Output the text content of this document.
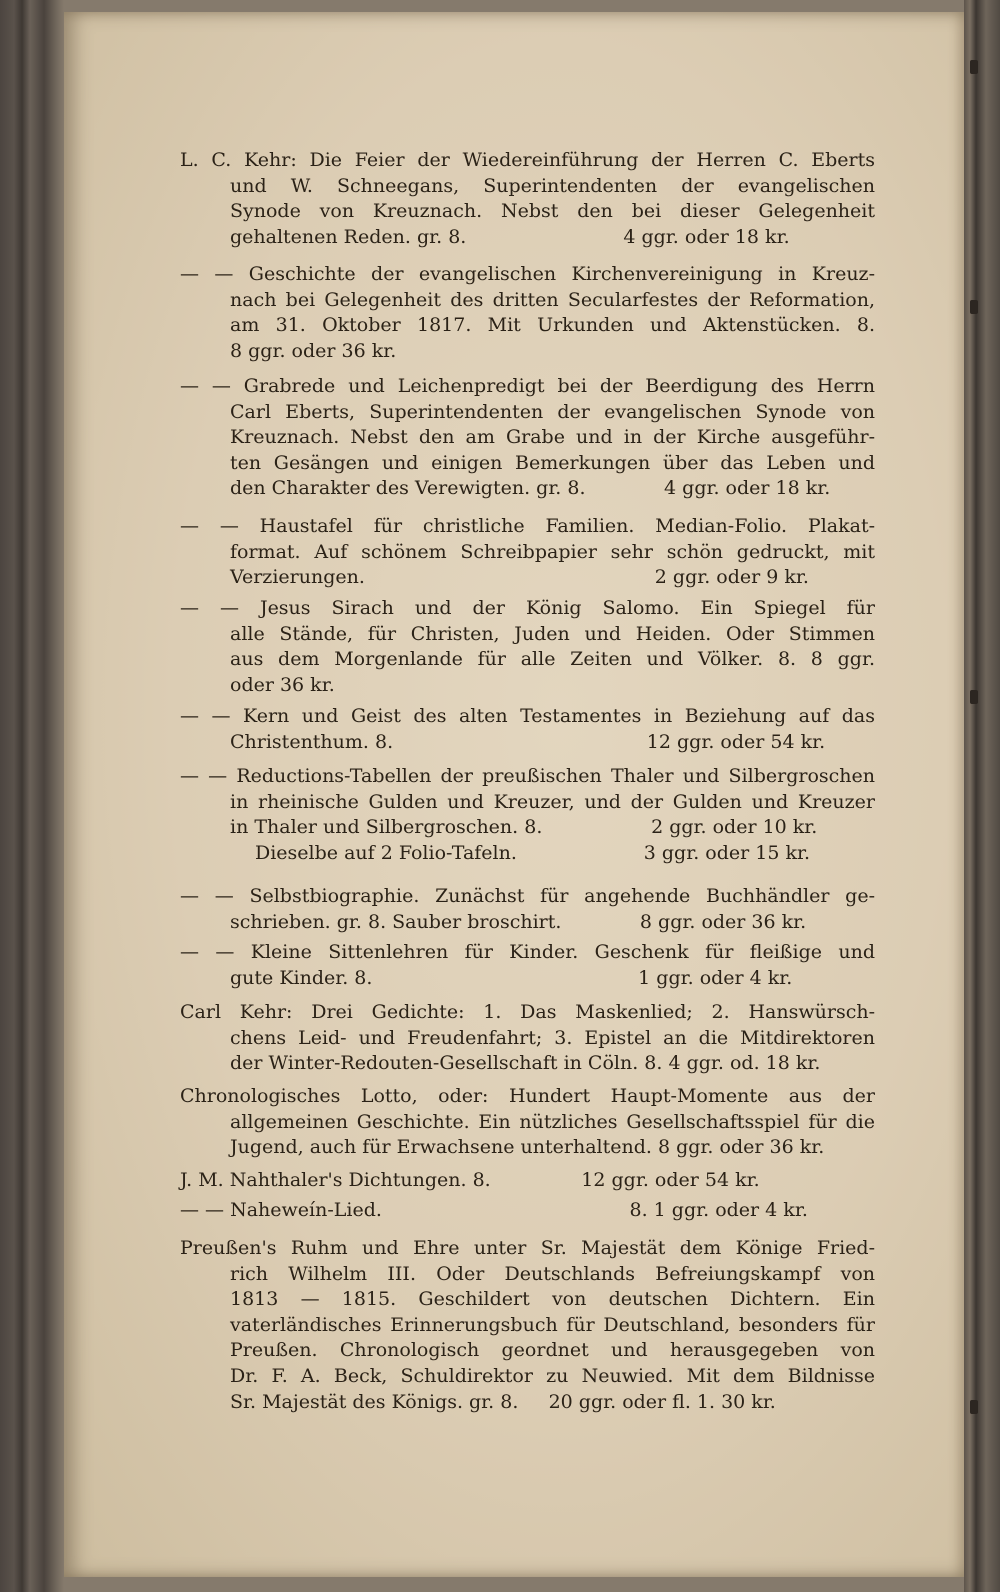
L. C. Kehr: Die Feier der Wiedereinführung der Herren C. Eberts
und W. Schneegans, Superintendenten der evangelischen
Synode von Kreuznach. Nebst den bei dieser Gelegenheit
gehaltenen Reden. gr. 8.                          4 ggr. oder 18 kr.
— — Geschichte der evangelischen Kirchenvereinigung in Kreuz-
nach bei Gelegenheit des dritten Secularfestes der Reformation,
am 31. Oktober 1817. Mit Urkunden und Aktenstücken. 8.
8 ggr. oder 36 kr.
— — Grabrede und Leichenpredigt bei der Beerdigung des Herrn
Carl Eberts, Superintendenten der evangelischen Synode von
Kreuznach. Nebst den am Grabe und in der Kirche ausgeführ-
ten Gesängen und einigen Bemerkungen über das Leben und
den Charakter des Verewigten. gr. 8.             4 ggr. oder 18 kr.
— — Haustafel für christliche Familien. Median-Folio. Plakat-
format. Auf schönem Schreibpapier sehr schön gedruckt, mit
Verzierungen.                                                2 ggr. oder 9 kr.
— — Jesus Sirach und der König Salomo. Ein Spiegel für
alle Stände, für Christen, Juden und Heiden. Oder Stimmen
aus dem Morgenlande für alle Zeiten und Völker. 8. 8 ggr.
oder 36 kr.
— — Kern und Geist des alten Testamentes in Beziehung auf das
Christenthum. 8.                                          12 ggr. oder 54 kr.
— — Reductions-Tabellen der preußischen Thaler und Silbergroschen
in rheinische Gulden und Kreuzer, und der Gulden und Kreuzer
in Thaler und Silbergroschen. 8.                  2 ggr. oder 10 kr.
Dieselbe auf 2 Folio-Tafeln.                     3 ggr. oder 15 kr.
— — Selbstbiographie. Zunächst für angehende Buchhändler ge-
schrieben. gr. 8. Sauber broschirt.             8 ggr. oder 36 kr.
— — Kleine Sittenlehren für Kinder. Geschenk für fleißige und
gute Kinder. 8.                                            1 ggr. oder 4 kr.
Carl Kehr: Drei Gedichte: 1. Das Maskenlied; 2. Hanswürsch-
chens Leid- und Freudenfahrt; 3. Epistel an die Mitdirektoren
der Winter-Redouten-Gesellschaft in Cöln. 8. 4 ggr. od. 18 kr.
Chronologisches Lotto, oder: Hundert Haupt-Momente aus der
allgemeinen Geschichte. Ein nützliches Gesellschaftsspiel für die
Jugend, auch für Erwachsene unterhaltend. 8 ggr. oder 36 kr.
J. M. Nahthaler's Dichtungen. 8.               12 ggr. oder 54 kr.
— — Naheweín-Lied.                                         8. 1 ggr. oder 4 kr.
Preußen's Ruhm und Ehre unter Sr. Majestät dem Könige Fried-
rich Wilhelm III. Oder Deutschlands Befreiungskampf von
1813 — 1815. Geschildert von deutschen Dichtern. Ein
vaterländisches Erinnerungsbuch für Deutschland, besonders für
Preußen. Chronologisch geordnet und herausgegeben von
Dr. F. A. Beck, Schuldirektor zu Neuwied. Mit dem Bildnisse
Sr. Majestät des Königs. gr. 8.     20 ggr. oder fl. 1. 30 kr.
